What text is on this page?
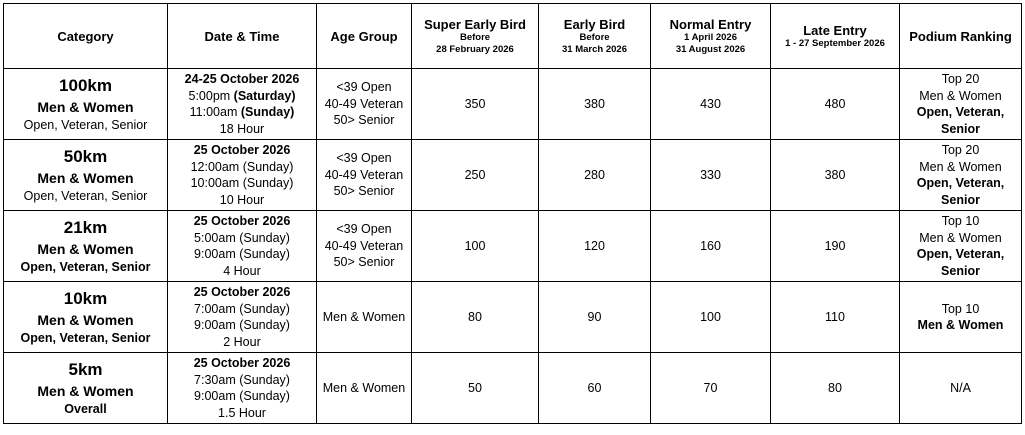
Category	Date & Time	Age Group	Super Early Bird
Before
28 February 2026	Early Bird
Before
31 March 2026	Normal Entry
1 April 2026
31 August 2026	Late Entry
1 - 27 September 2026	Podium Ranking

100km
Men & Women
Open, Veteran, Senior	24-25 October 2026
5:00pm (Saturday)
11:00am (Sunday)
18 Hour	<39 Open
40-49 Veteran
50> Senior	350	380	430	480	Top 20
Men & Women
Open, Veteran, Senior

50km
Men & Women
Open, Veteran, Senior	25 October 2026
12:00am (Sunday)
10:00am (Sunday)
10 Hour	<39 Open
40-49 Veteran
50> Senior	250	280	330	380	Top 20
Men & Women
Open, Veteran, Senior

21km
Men & Women
Open, Veteran, Senior	25 October 2026
5:00am (Sunday)
9:00am (Sunday)
4 Hour	<39 Open
40-49 Veteran
50> Senior	100	120	160	190	Top 10
Men & Women
Open, Veteran, Senior

10km
Men & Women
Open, Veteran, Senior	25 October 2026
7:00am (Sunday)
9:00am (Sunday)
2 Hour	Men & Women	80	90	100	110	Top 10
Men & Women

5km
Men & Women
Overall	25 October 2026
7:30am (Sunday)
9:00am (Sunday)
1.5 Hour	Men & Women	50	60	70	80	N/A
